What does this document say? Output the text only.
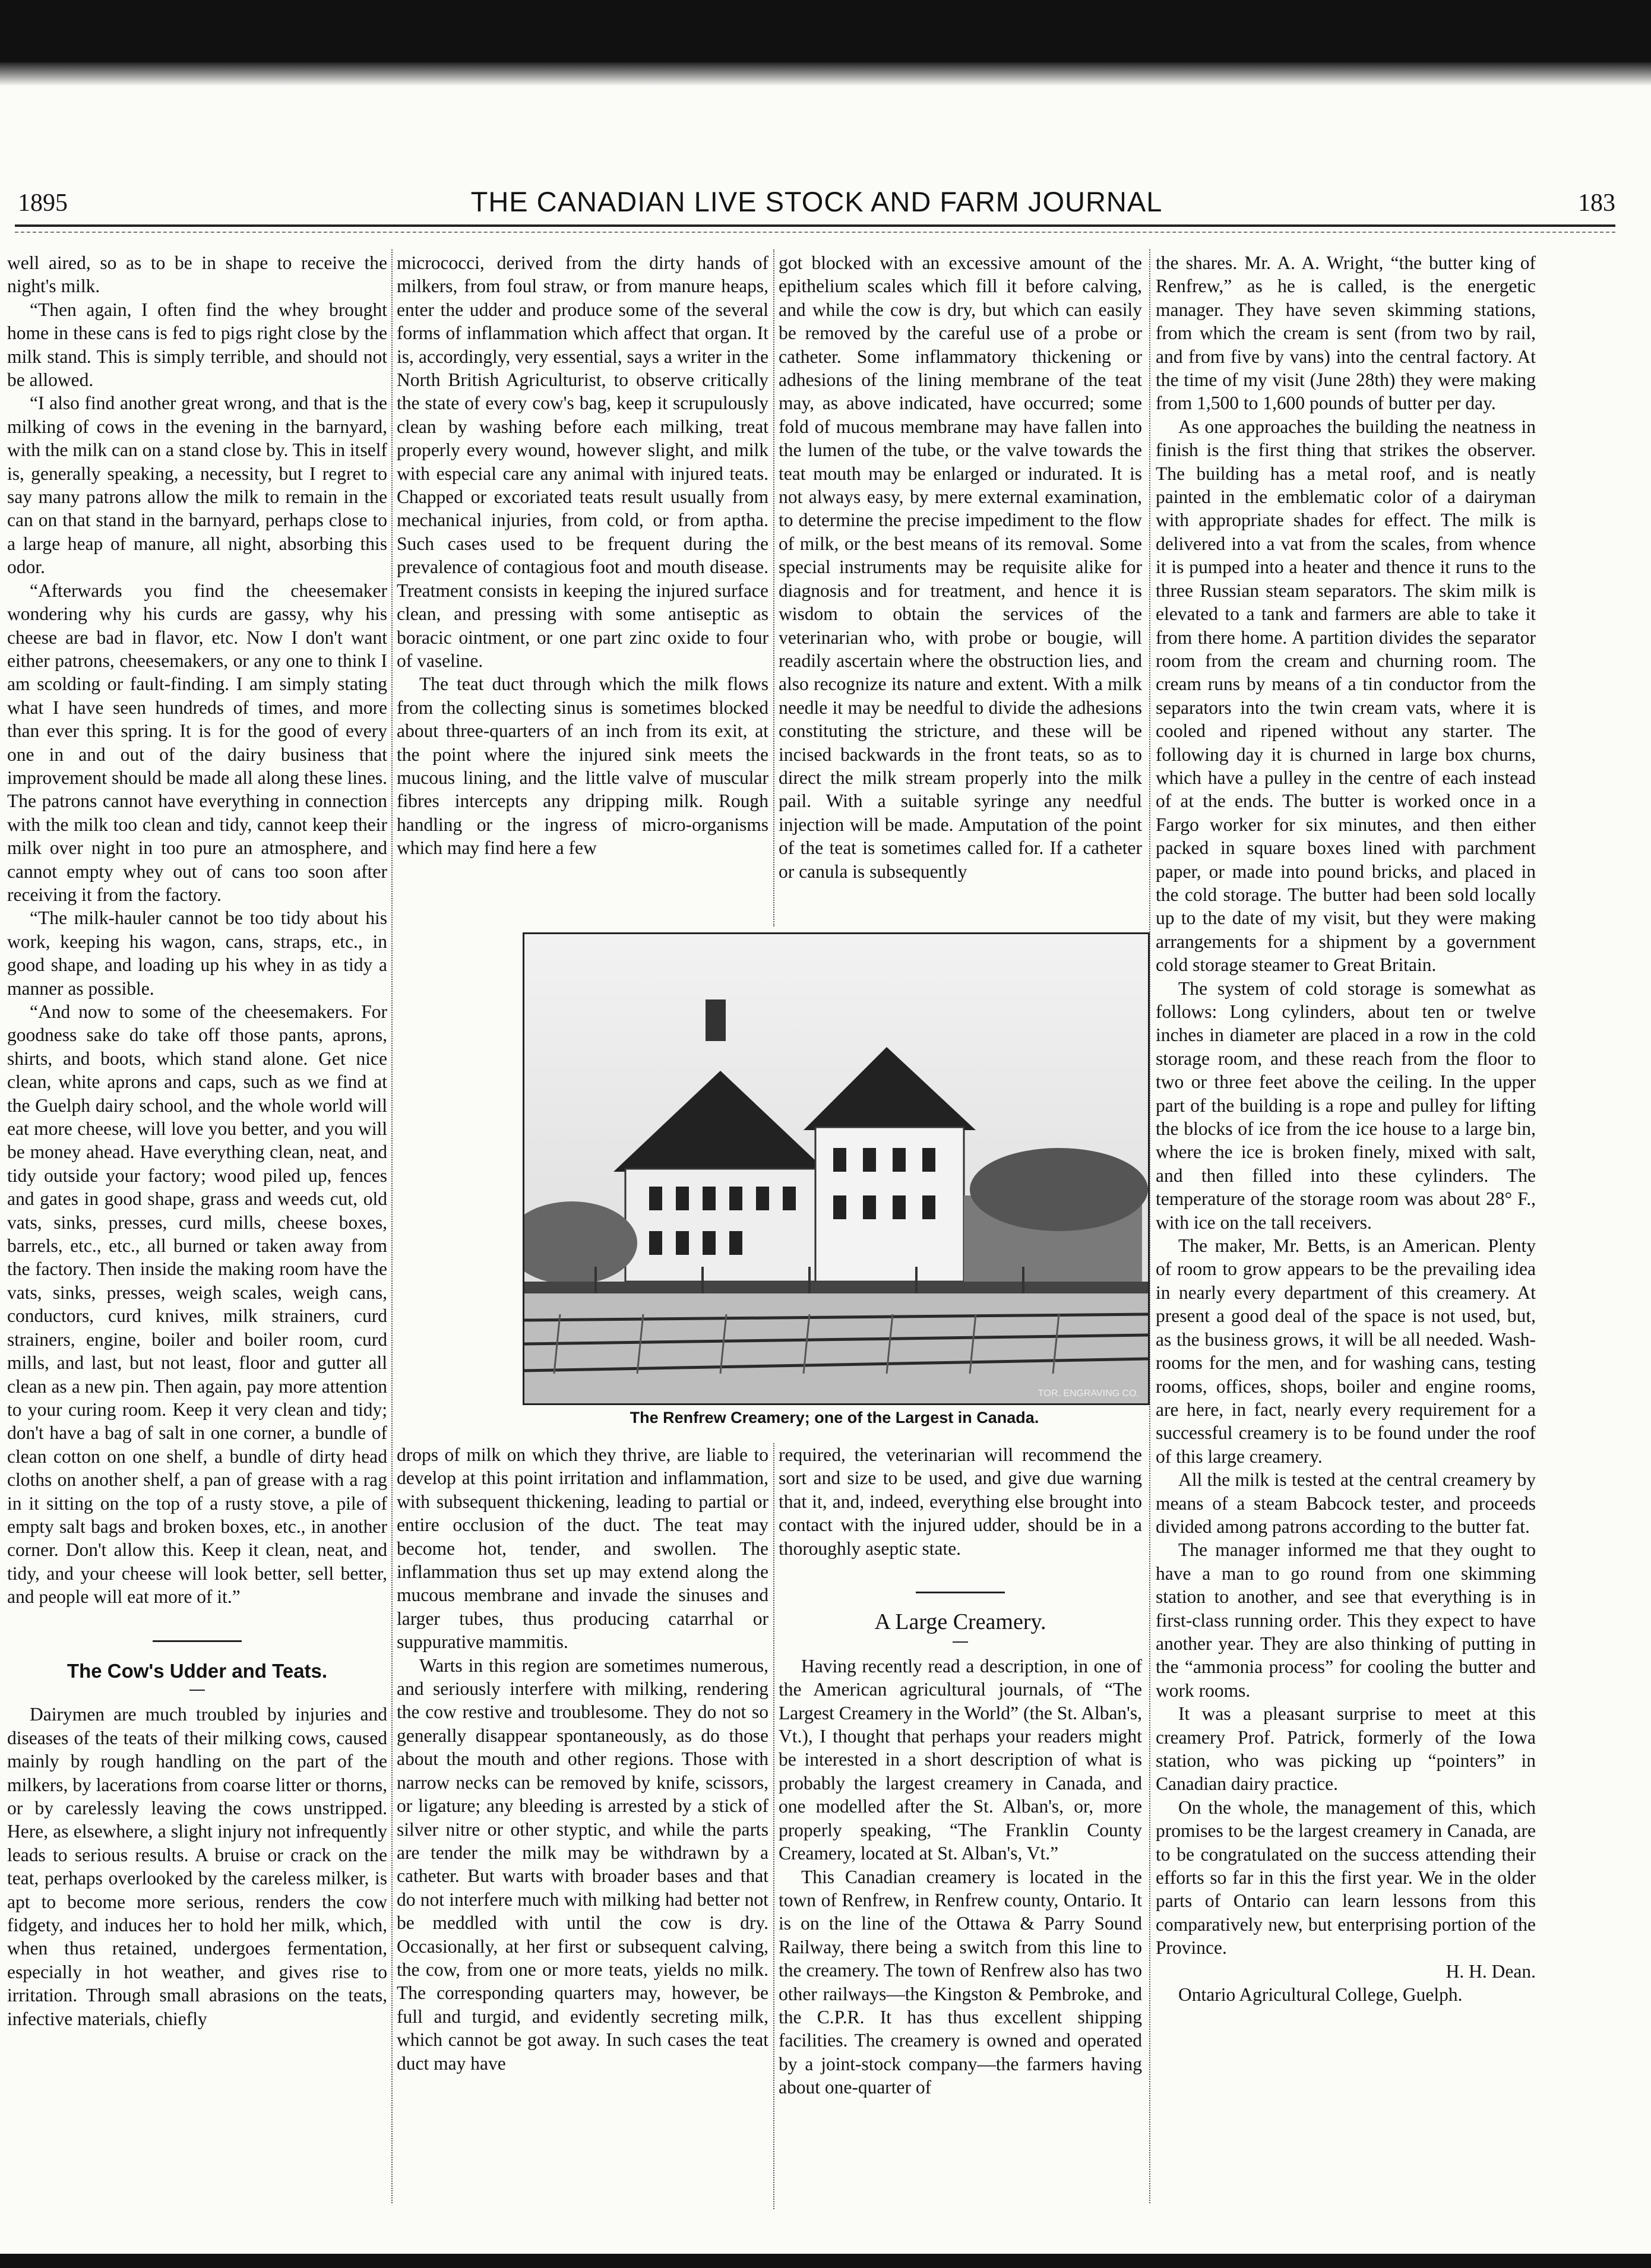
1895	THE CANADIAN LIVE STOCK AND FARM JOURNAL	183

well aired, so as to be in shape to receive the night's milk.

“Then again, I often find the whey brought home in these cans is fed to pigs right close by the milk stand. This is simply terrible, and should not be allowed.

“I also find another great wrong, and that is the milking of cows in the evening in the barnyard, with the milk can on a stand close by. This in itself is, generally speaking, a necessity, but I regret to say many patrons allow the milk to remain in the can on that stand in the barnyard, perhaps close to a large heap of manure, all night, absorbing this odor.

“Afterwards you find the cheesemaker wondering why his curds are gassy, why his cheese are bad in flavor, etc. Now I don't want either patrons, cheesemakers, or any one to think I am scolding or fault-finding. I am simply stating what I have seen hundreds of times, and more than ever this spring. It is for the good of every one in and out of the dairy business that improvement should be made all along these lines. The patrons cannot have everything in connection with the milk too clean and tidy, cannot keep their milk over night in too pure an atmosphere, and cannot empty whey out of cans too soon after receiving it from the factory.

“The milk-hauler cannot be too tidy about his work, keeping his wagon, cans, straps, etc., in good shape, and loading up his whey in as tidy a manner as possible.

“And now to some of the cheesemakers. For goodness sake do take off those pants, aprons, shirts, and boots, which stand alone. Get nice clean, white aprons and caps, such as we find at the Guelph dairy school, and the whole world will eat more cheese, will love you better, and you will be money ahead. Have everything clean, neat, and tidy outside your factory; wood piled up, fences and gates in good shape, grass and weeds cut, old vats, sinks, presses, curd mills, cheese boxes, barrels, etc., etc., all burned or taken away from the factory. Then inside the making room have the vats, sinks, presses, weigh scales, weigh cans, conductors, curd knives, milk strainers, curd strainers, engine, boiler and boiler room, curd mills, and last, but not least, floor and gutter all clean as a new pin. Then again, pay more attention to your curing room. Keep it very clean and tidy; don't have a bag of salt in one corner, a bundle of clean cotton on one shelf, a bundle of dirty head cloths on another shelf, a pan of grease with a rag in it sitting on the top of a rusty stove, a pile of empty salt bags and broken boxes, etc., in another corner. Don't allow this. Keep it clean, neat, and tidy, and your cheese will look better, sell better, and people will eat more of it.”

The Cow's Udder and Teats.

Dairymen are much troubled by injuries and diseases of the teats of their milking cows, caused mainly by rough handling on the part of the milkers, by lacerations from coarse litter or thorns, or by carelessly leaving the cows unstripped. Here, as elsewhere, a slight injury not infrequently leads to serious results. A bruise or crack on the teat, perhaps overlooked by the careless milker, is apt to become more serious, renders the cow fidgety, and induces her to hold her milk, which, when thus retained, undergoes fermentation, especially in hot weather, and gives rise to irritation. Through small abrasions on the teats, infective materials, chiefly

micrococci, derived from the dirty hands of milkers, from foul straw, or from manure heaps, enter the udder and produce some of the several forms of inflammation which affect that organ. It is, accordingly, very essential, says a writer in the North British Agriculturist, to observe critically the state of every cow's bag, keep it scrupulously clean by washing before each milking, treat properly every wound, however slight, and milk with especial care any animal with injured teats. Chapped or excoriated teats result usually from mechanical injuries, from cold, or from aptha. Such cases used to be frequent during the prevalence of contagious foot and mouth disease. Treatment consists in keeping the injured surface clean, and pressing with some antiseptic as boracic ointment, or one part zinc oxide to four of vaseline.

The teat duct through which the milk flows from the collecting sinus is sometimes blocked about three-quarters of an inch from its exit, at the point where the injured sink meets the mucous lining, and the little valve of muscular fibres intercepts any dripping milk. Rough handling or the ingress of micro-organisms which may find here a few

got blocked with an excessive amount of the epithelium scales which fill it before calving, and while the cow is dry, but which can easily be removed by the careful use of a probe or catheter. Some inflammatory thickening or adhesions of the lining membrane of the teat may, as above indicated, have occurred; some fold of mucous membrane may have fallen into the lumen of the tube, or the valve towards the teat mouth may be enlarged or indurated. It is not always easy, by mere external examination, to determine the precise impediment to the flow of milk, or the best means of its removal. Some special instruments may be requisite alike for diagnosis and for treatment, and hence it is wisdom to obtain the services of the veterinarian who, with probe or bougie, will readily ascertain where the obstruction lies, and also recognize its nature and extent. With a milk needle it may be needful to divide the adhesions constituting the stricture, and these will be incised backwards in the front teats, so as to direct the milk stream properly into the milk pail. With a suitable syringe any needful injection will be made. Amputation of the point of the teat is sometimes called for. If a catheter or canula is subsequently

TOR. ENGRAVING CO.
The Renfrew Creamery; one of the Largest in Canada.

drops of milk on which they thrive, are liable to develop at this point irritation and inflammation, with subsequent thickening, leading to partial or entire occlusion of the duct. The teat may become hot, tender, and swollen. The inflammation thus set up may extend along the mucous membrane and invade the sinuses and larger tubes, thus producing catarrhal or suppurative mammitis.

Warts in this region are sometimes numerous, and seriously interfere with milking, rendering the cow restive and troublesome. They do not so generally disappear spontaneously, as do those about the mouth and other regions. Those with narrow necks can be removed by knife, scissors, or ligature; any bleeding is arrested by a stick of silver nitre or other styptic, and while the parts are tender the milk may be withdrawn by a catheter. But warts with broader bases and that do not interfere much with milking had better not be meddled with until the cow is dry. Occasionally, at her first or subsequent calving, the cow, from one or more teats, yields no milk. The corresponding quarters may, however, be full and turgid, and evidently secreting milk, which cannot be got away. In such cases the teat duct may have

required, the veterinarian will recommend the sort and size to be used, and give due warning that it, and, indeed, everything else brought into contact with the injured udder, should be in a thoroughly aseptic state.

A Large Creamery.

Having recently read a description, in one of the American agricultural journals, of “The Largest Creamery in the World” (the St. Alban's, Vt.), I thought that perhaps your readers might be interested in a short description of what is probably the largest creamery in Canada, and one modelled after the St. Alban's, or, more properly speaking, “The Franklin County Creamery, located at St. Alban's, Vt.”

This Canadian creamery is located in the town of Renfrew, in Renfrew county, Ontario. It is on the line of the Ottawa & Parry Sound Railway, there being a switch from this line to the creamery. The town of Renfrew also has two other railways—the Kingston & Pembroke, and the C.P.R. It has thus excellent shipping facilities. The creamery is owned and operated by a joint-stock company—the farmers having about one-quarter of

the shares. Mr. A. A. Wright, “the butter king of Renfrew,” as he is called, is the energetic manager. They have seven skimming stations, from which the cream is sent (from two by rail, and from five by vans) into the central factory. At the time of my visit (June 28th) they were making from 1,500 to 1,600 pounds of butter per day.

As one approaches the building the neatness in finish is the first thing that strikes the observer. The building has a metal roof, and is neatly painted in the emblematic color of a dairyman with appropriate shades for effect. The milk is delivered into a vat from the scales, from whence it is pumped into a heater and thence it runs to the three Russian steam separators. The skim milk is elevated to a tank and farmers are able to take it from there home. A partition divides the separator room from the cream and churning room. The cream runs by means of a tin conductor from the separators into the twin cream vats, where it is cooled and ripened without any starter. The following day it is churned in large box churns, which have a pulley in the centre of each instead of at the ends. The butter is worked once in a Fargo worker for six minutes, and then either packed in square boxes lined with parchment paper, or made into pound bricks, and placed in the cold storage. The butter had been sold locally up to the date of my visit, but they were making arrangements for a shipment by a government cold storage steamer to Great Britain.

The system of cold storage is somewhat as follows: Long cylinders, about ten or twelve inches in diameter are placed in a row in the cold storage room, and these reach from the floor to two or three feet above the ceiling. In the upper part of the building is a rope and pulley for lifting the blocks of ice from the ice house to a large bin, where the ice is broken finely, mixed with salt, and then filled into these cylinders. The temperature of the storage room was about 28° F., with ice on the tall receivers.

The maker, Mr. Betts, is an American. Plenty of room to grow appears to be the prevailing idea in nearly every department of this creamery. At present a good deal of the space is not used, but, as the business grows, it will be all needed. Wash-rooms for the men, and for washing cans, testing rooms, offices, shops, boiler and engine rooms, are here, in fact, nearly every requirement for a successful creamery is to be found under the roof of this large creamery.

All the milk is tested at the central creamery by means of a steam Babcock tester, and proceeds divided among patrons according to the butter fat.

The manager informed me that they ought to have a man to go round from one skimming station to another, and see that everything is in first-class running order. This they expect to have another year. They are also thinking of putting in the “ammonia process” for cooling the butter and work rooms.

It was a pleasant surprise to meet at this creamery Prof. Patrick, formerly of the Iowa station, who was picking up “pointers” in Canadian dairy practice.

On the whole, the management of this, which promises to be the largest creamery in Canada, are to be congratulated on the success attending their efforts so far in this the first year. We in the older parts of Ontario can learn lessons from this comparatively new, but enterprising portion of the Province.

H. H. Dean.

Ontario Agricultural College, Guelph.
